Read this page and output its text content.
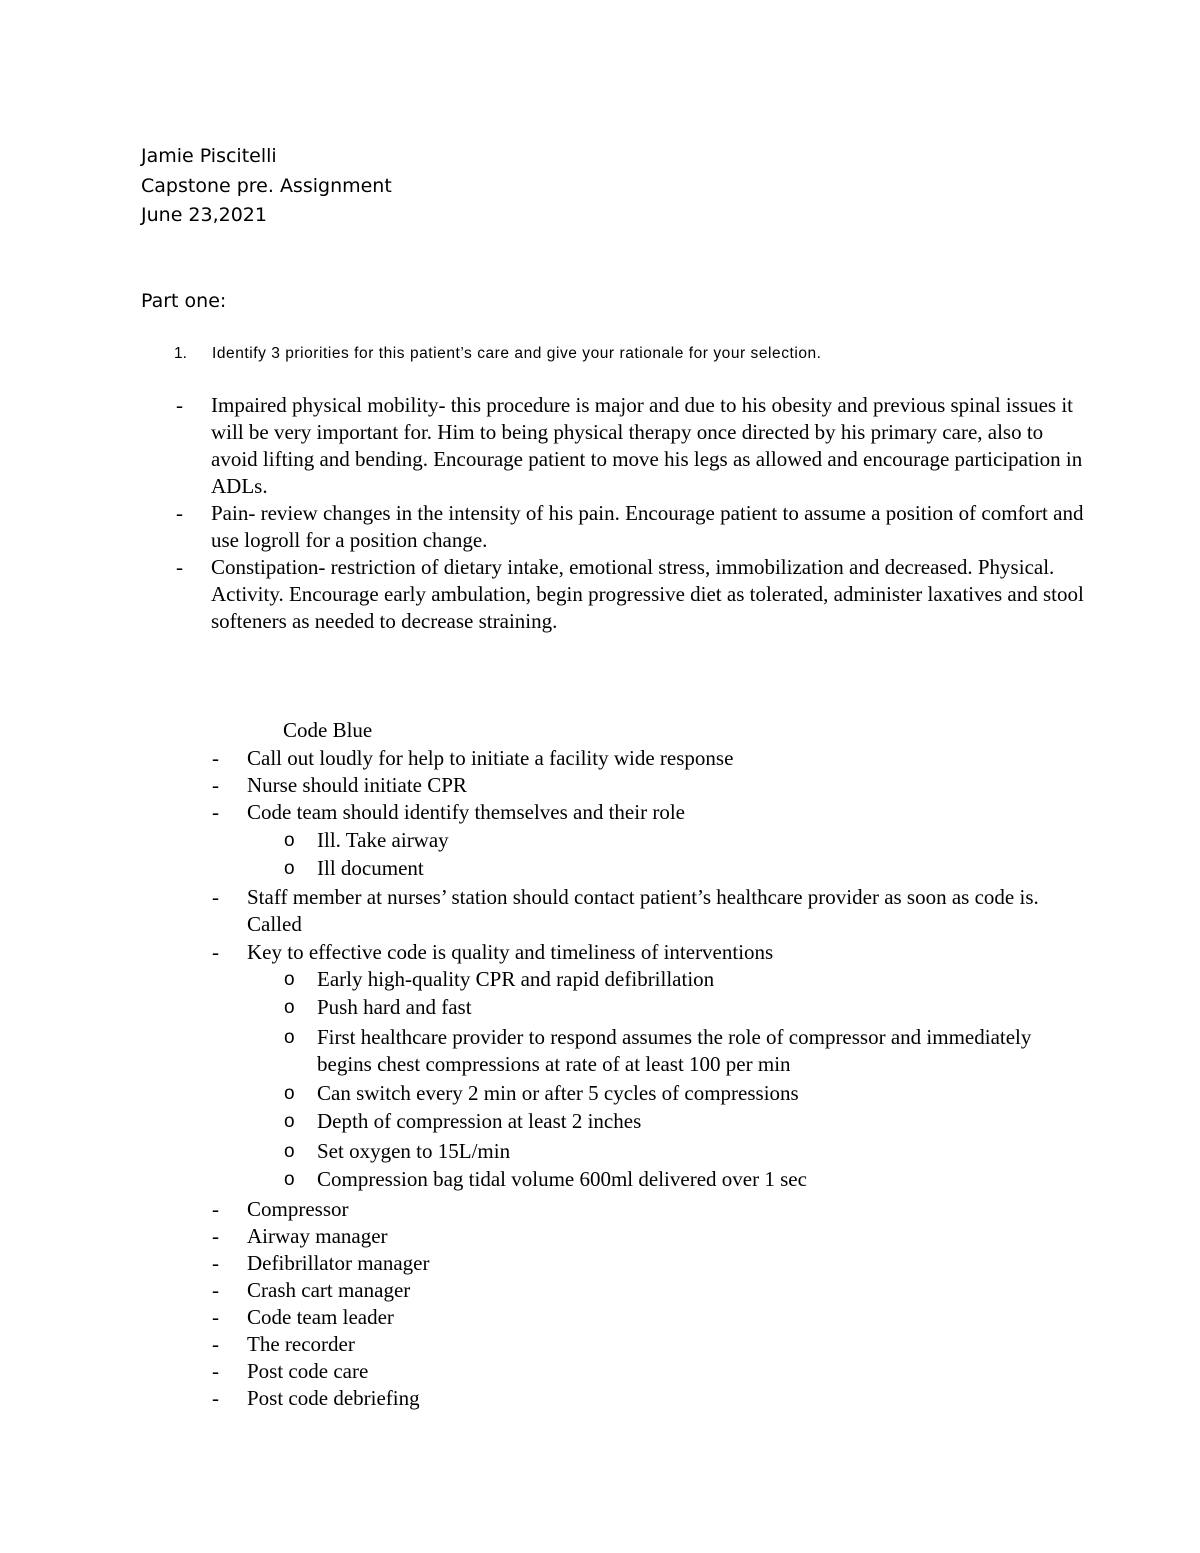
Jamie Piscitelli
Capstone pre. Assignment
June 23,2021
Part one:
1. Identify 3 priorities for this patient’s care and give your rationale for your selection.
- Impaired physical mobility- this procedure is major and due to his obesity and previous spinal issues it will be very important for. Him to being physical therapy once directed by his primary care, also to avoid lifting and bending. Encourage patient to move his legs as allowed and encourage participation in ADLs.
- Pain- review changes in the intensity of his pain. Encourage patient to assume a position of comfort and use logroll for a position change.
- Constipation- restriction of dietary intake, emotional stress, immobilization and decreased. Physical. Activity. Encourage early ambulation, begin progressive diet as tolerated, administer laxatives and stool softeners as needed to decrease straining.
Code Blue
- Call out loudly for help to initiate a facility wide response
- Nurse should initiate CPR
- Code team should identify themselves and their role
o Ill. Take airway
o Ill document
- Staff member at nurses’ station should contact patient’s healthcare provider as soon as code is. Called
- Key to effective code is quality and timeliness of interventions
o Early high-quality CPR and rapid defibrillation
o Push hard and fast
o First healthcare provider to respond assumes the role of compressor and immediately begins chest compressions at rate of at least 100 per min
o Can switch every 2 min or after 5 cycles of compressions
o Depth of compression at least 2 inches
o Set oxygen to 15L/min
o Compression bag tidal volume 600ml delivered over 1 sec
- Compressor
- Airway manager
- Defibrillator manager
- Crash cart manager
- Code team leader
- The recorder
- Post code care
- Post code debriefing
